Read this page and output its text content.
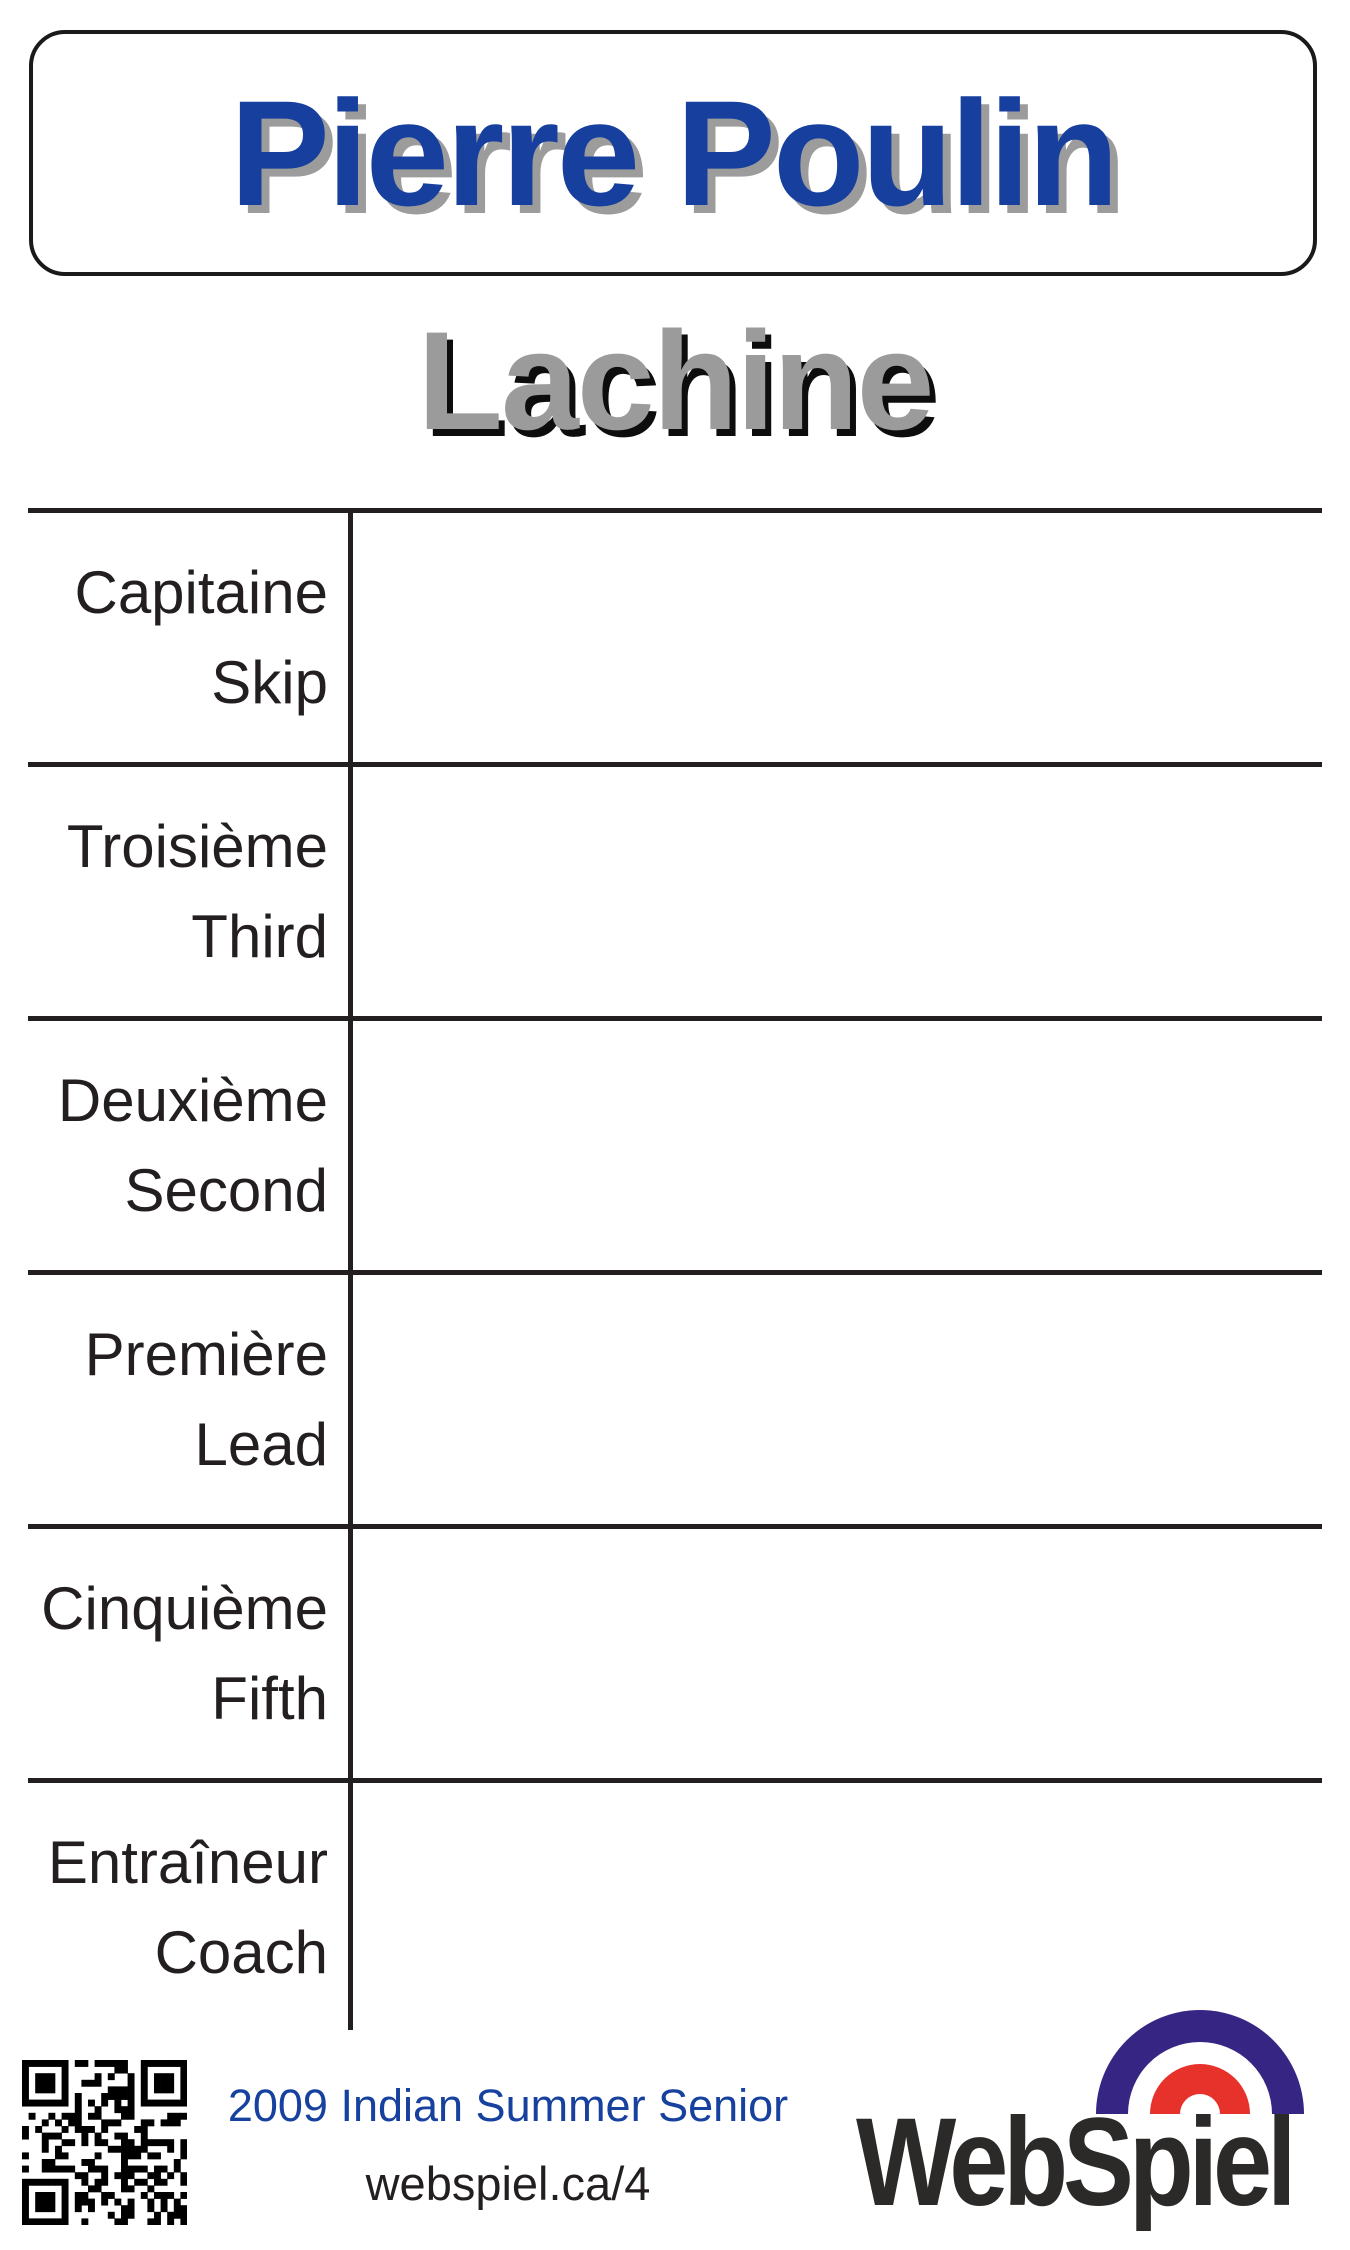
Pierre Poulin
Lachine
Capitaine
Skip
Troisième
Third
Deuxième
Second
Première
Lead
Cinquième
Fifth
Entraîneur
Coach
2009 Indian Summer Senior
webspiel.ca/4	WebSpiel
